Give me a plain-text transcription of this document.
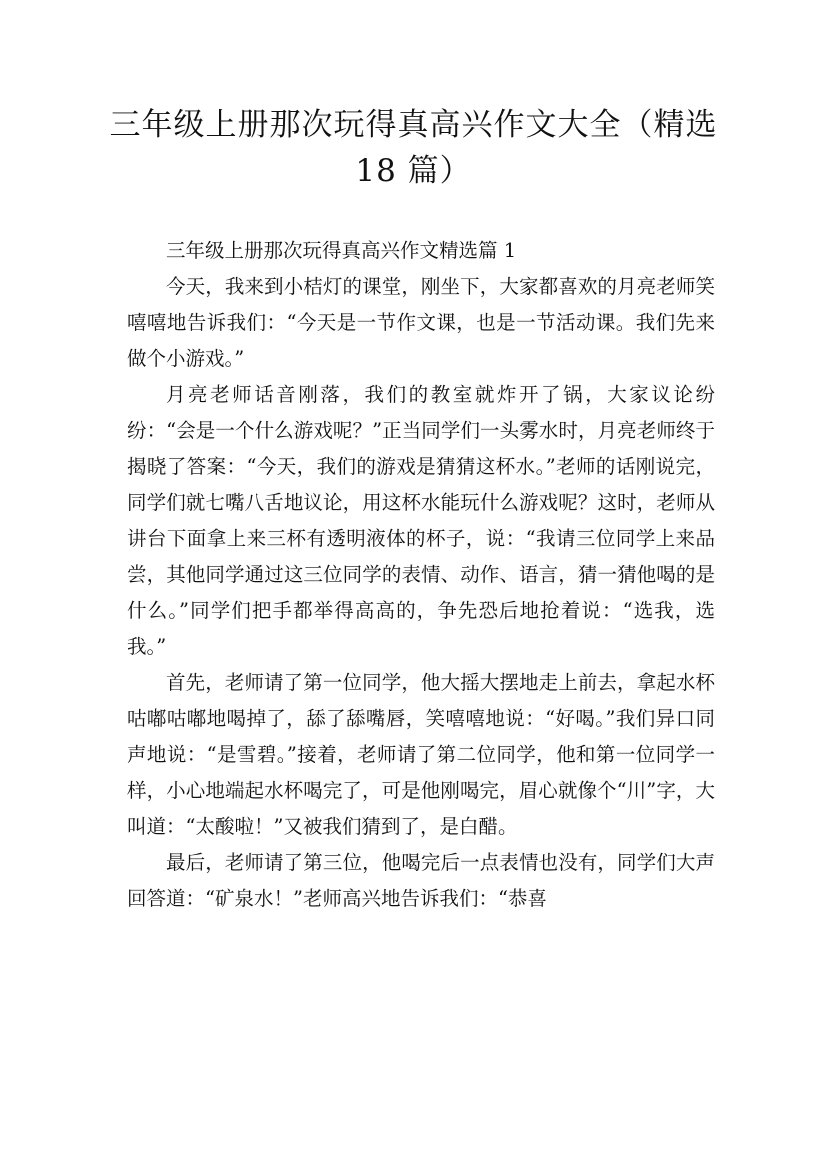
三年级上册那次玩得真高兴作文大全（精选
18 篇）

三年级上册那次玩得真高兴作文精选篇 1

今天，我来到小桔灯的课堂，刚坐下，大家都喜欢的月亮老师笑嘻嘻地告诉我们：“今天是一节作文课，也是一节活动课。我们先来做个小游戏。”

月亮老师话音刚落，我们的教室就炸开了锅，大家议论纷纷：“会是一个什么游戏呢？”正当同学们一头雾水时，月亮老师终于揭晓了答案：“今天，我们的游戏是猜猜这杯水。”老师的话刚说完，同学们就七嘴八舌地议论，用这杯水能玩什么游戏呢？这时，老师从讲台下面拿上来三杯有透明液体的杯子，说：“我请三位同学上来品尝，其他同学通过这三位同学的表情、动作、语言，猜一猜他喝的是什么。”同学们把手都举得高高的，争先恐后地抢着说：“选我，选我。”

首先，老师请了第一位同学，他大摇大摆地走上前去，拿起水杯咕嘟咕嘟地喝掉了，舔了舔嘴唇，笑嘻嘻地说：“好喝。”我们异口同声地说：“是雪碧。”接着，老师请了第二位同学，他和第一位同学一样，小心地端起水杯喝完了，可是他刚喝完，眉心就像个“川”字，大叫道：“太酸啦！”又被我们猜到了，是白醋。

最后，老师请了第三位，他喝完后一点表情也没有，同学们大声回答道：“矿泉水！”老师高兴地告诉我们：“恭喜
